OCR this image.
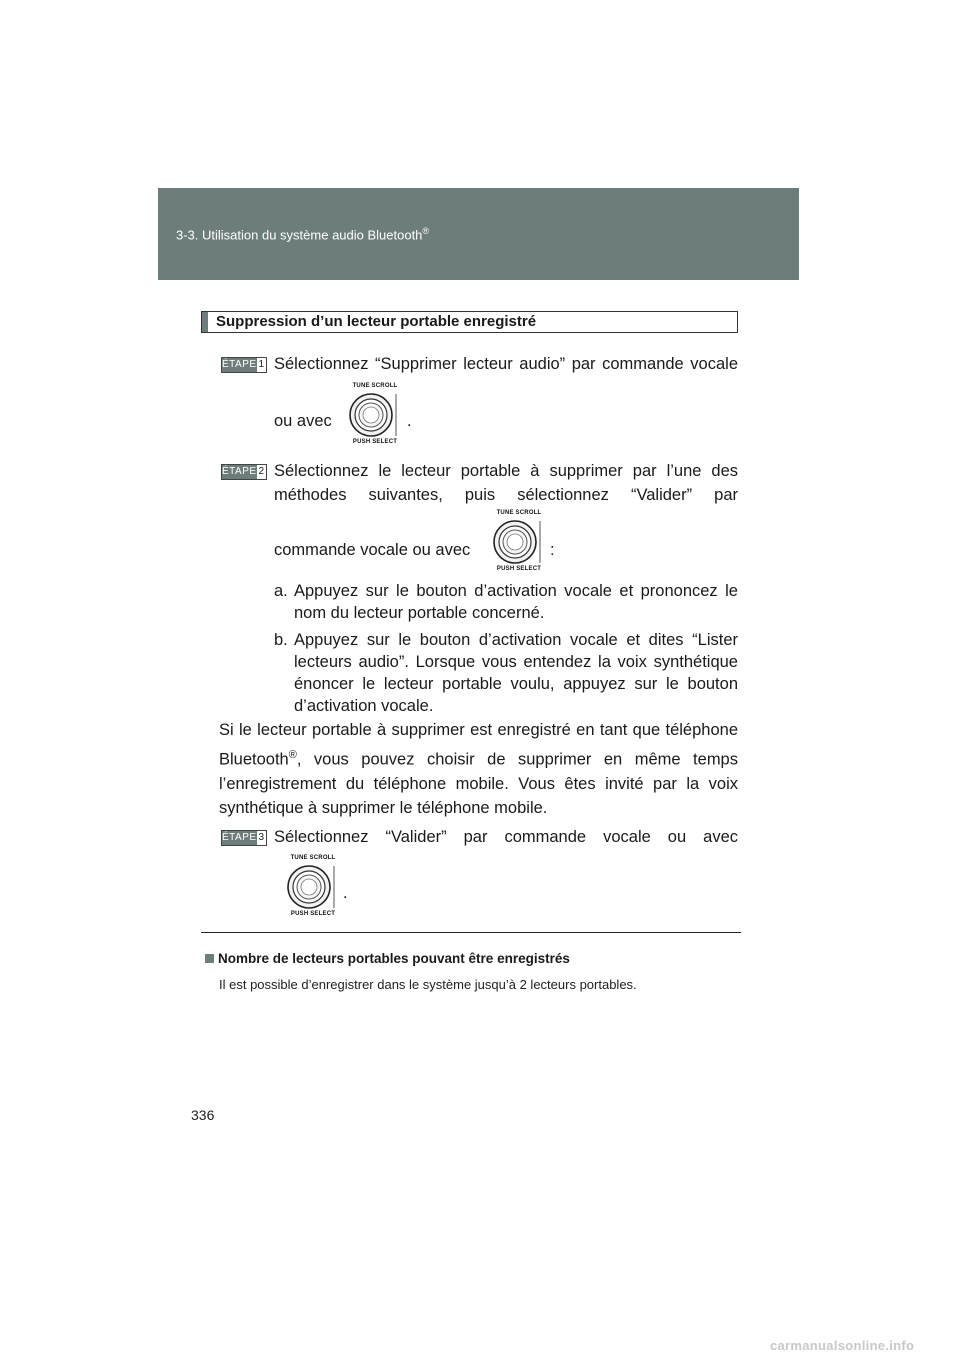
3-3. Utilisation du système audio Bluetooth®
Suppression d’un lecteur portable enregistré
ÉTAPE 1 Sélectionnez “Supprimer lecteur audio” par commande vocale
ou avec
TUNE SCROLL
PUSH SELECT
.
ÉTAPE 2 Sélectionnez le lecteur portable à supprimer par l’une des
méthodes suivantes, puis sélectionnez “Valider” par
commande vocale ou avec
TUNE SCROLL
PUSH SELECT
:
a. Appuyez sur le bouton d’activation vocale et prononcez le nom du lecteur portable concerné.
b. Appuyez sur le bouton d’activation vocale et dites “Lister lecteurs audio”. Lorsque vous entendez la voix synthétique énoncer le lecteur portable voulu, appuyez sur le bouton d’activation vocale.
Si le lecteur portable à supprimer est enregistré en tant que téléphone Bluetooth®, vous pouvez choisir de supprimer en même temps l’enregistrement du téléphone mobile. Vous êtes invité par la voix synthétique à supprimer le téléphone mobile.
ÉTAPE 3 Sélectionnez “Valider” par commande vocale ou avec
TUNE SCROLL
PUSH SELECT
.
Nombre de lecteurs portables pouvant être enregistrés
Il est possible d’enregistrer dans le système jusqu’à 2 lecteurs portables.
336
carmanualsonline.info
